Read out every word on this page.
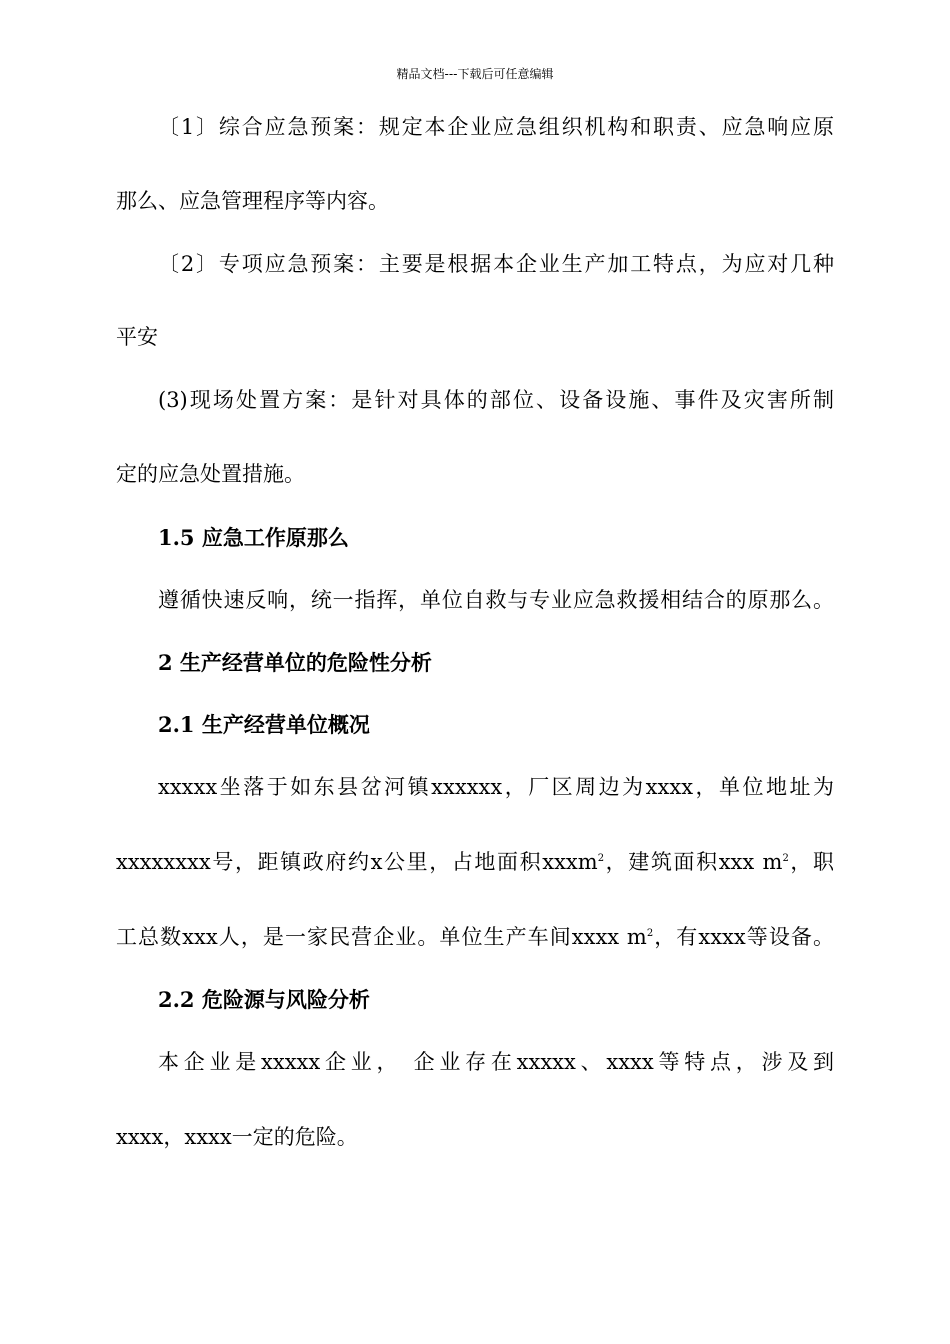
精品文档---下载后可任意编辑
〔1〕综合应急预案：规定本企业应急组织机构和职责、应急响应原
那么、应急管理程序等内容。
〔2〕专项应急预案：主要是根据本企业生产加工特点，为应对几种
平安
(3)现场处置方案：是针对具体的部位、设备设施、事件及灾害所制
定的应急处置措施。
1.5 应急工作原那么
遵循快速反响，统一指挥，单位自救与专业应急救援相结合的原那么。
2 生产经营单位的危险性分析
2.1 生产经营单位概况
xxxxx坐落于如东县岔河镇xxxxxx，厂区周边为xxxx，单位地址为
xxxxxxxx号，距镇政府约x公里，占地面积xxxm$^2$，建筑面积xxx $m^2$，职
工总数xxx人，是一家民营企业。单位生产车间xxxx $m^2$，有xxxx等设备。
2.2 危险源与风险分析
本企业是xxxxx企业， 企业存在xxxxx、xxxx等特点，涉及到
xxxx，xxxx一定的危险。
